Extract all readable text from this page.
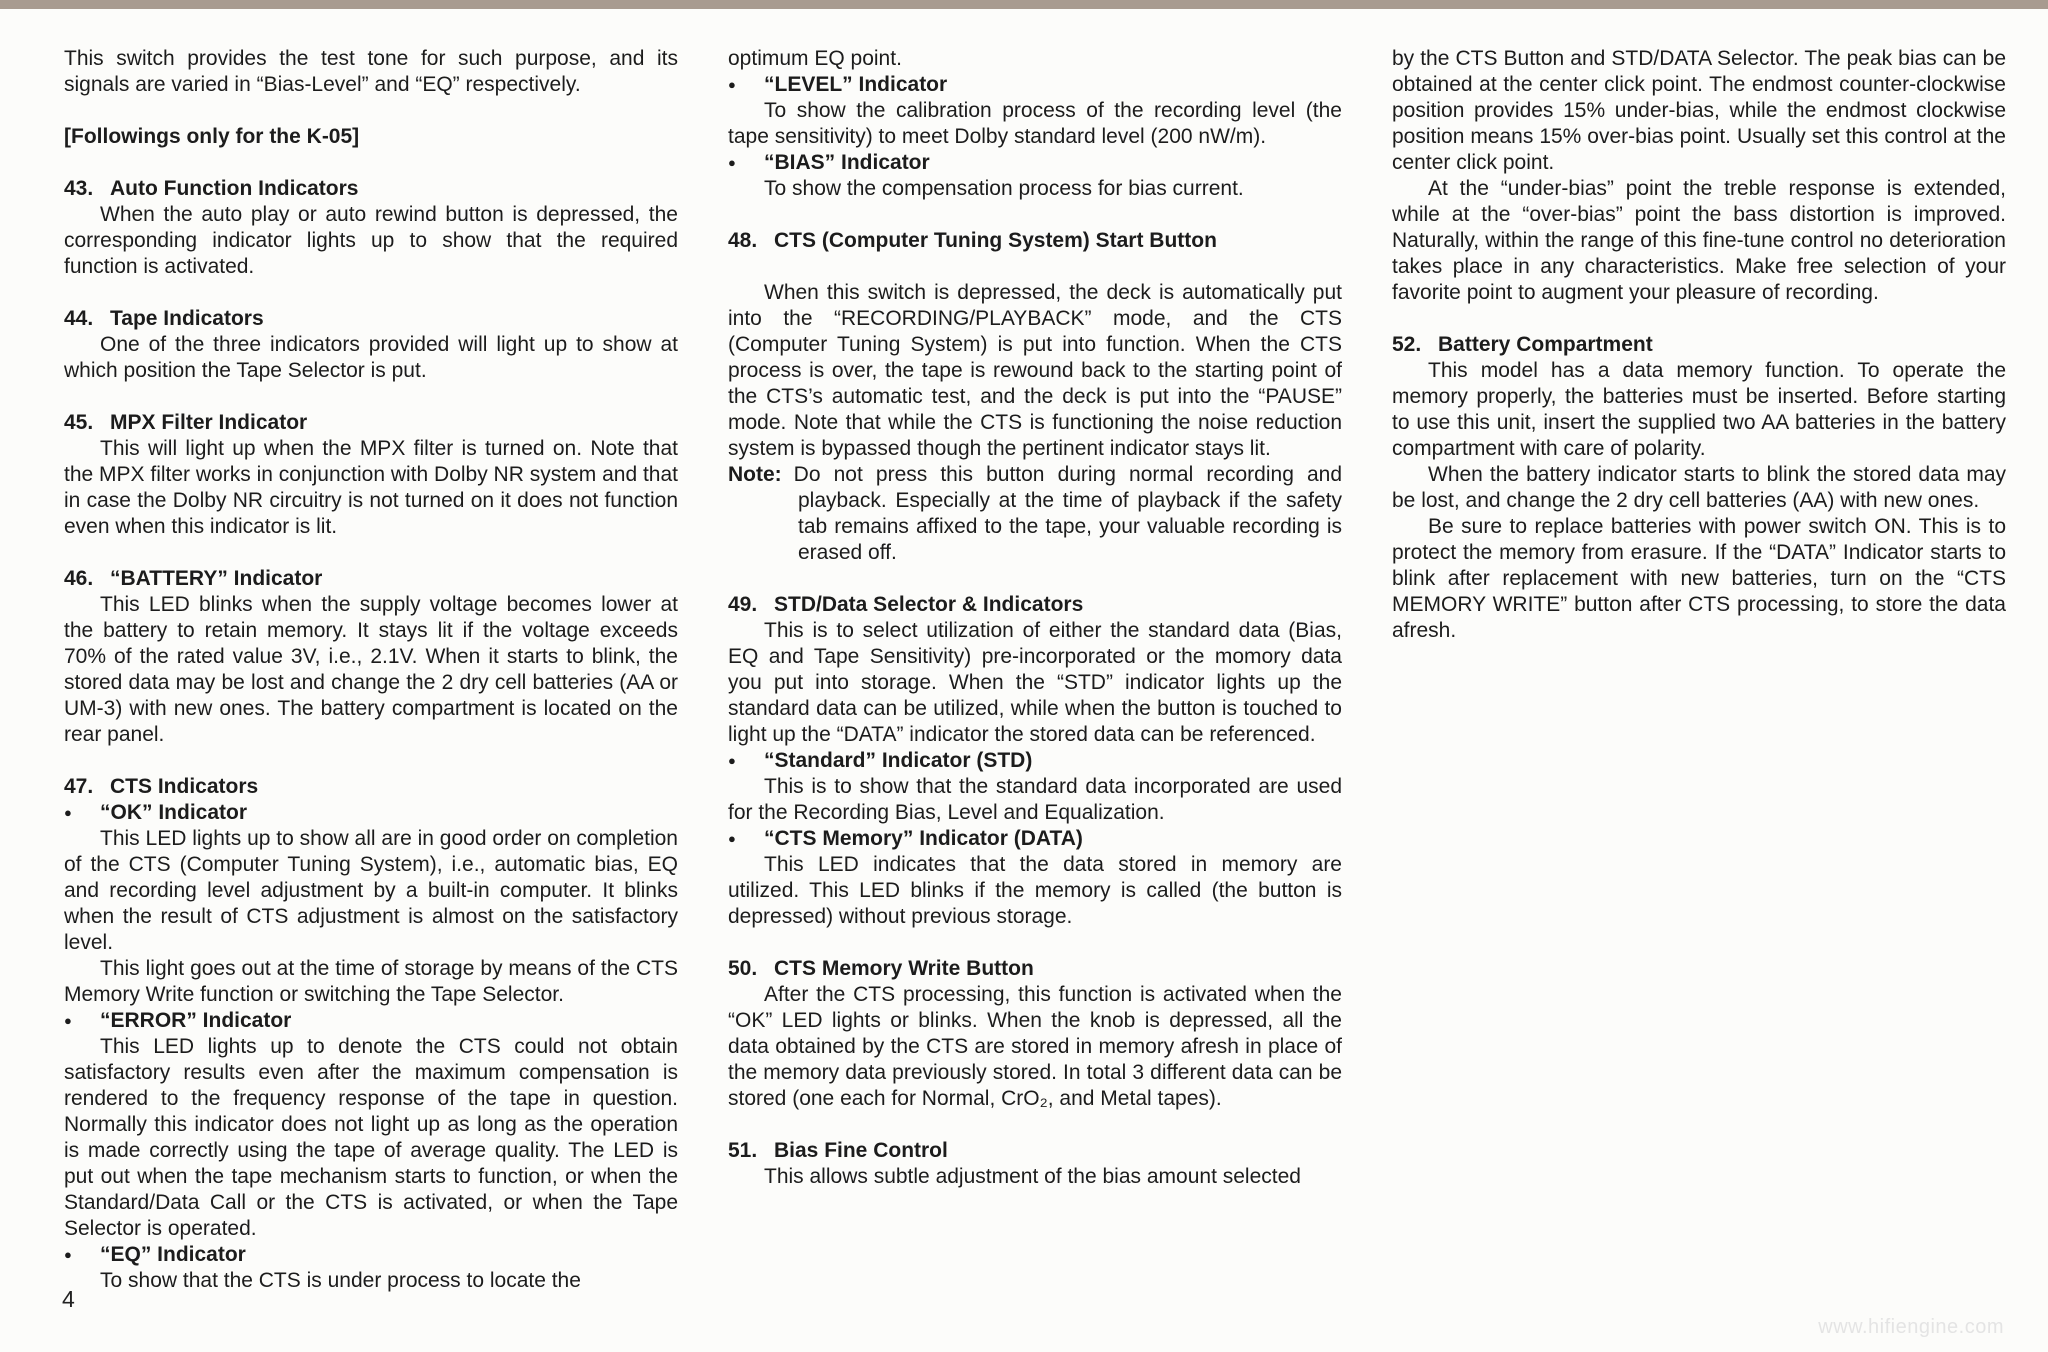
This switch provides the test tone for such purpose, and its signals are varied in “Bias-Level” and “EQ” respectively.

[Followings only for the K-05]

43. Auto Function Indicators

When the auto play or auto rewind button is depressed, the corresponding indicator lights up to show that the required function is activated.

44. Tape Indicators

One of the three indicators provided will light up to show at which position the Tape Selector is put.

45. MPX Filter Indicator

This will light up when the MPX filter is turned on. Note that the MPX filter works in conjunction with Dolby NR system and that in case the Dolby NR circuitry is not turned on it does not function even when this indicator is lit.

46. “BATTERY” Indicator

This LED blinks when the supply voltage becomes lower at the battery to retain memory. It stays lit if the voltage exceeds 70% of the rated value 3V, i.e., 2.1V. When it starts to blink, the stored data may be lost and change the 2 dry cell batteries (AA or UM-3) with new ones. The battery compartment is located on the rear panel.

47. CTS Indicators

●	“OK” Indicator

This LED lights up to show all are in good order on completion of the CTS (Computer Tuning System), i.e., automatic bias, EQ and recording level adjustment by a built-in computer. It blinks when the result of CTS adjustment is almost on the satisfactory level.

This light goes out at the time of storage by means of the CTS Memory Write function or switching the Tape Selector.

●	“ERROR” Indicator

This LED lights up to denote the CTS could not obtain satisfactory results even after the maximum compensation is rendered to the frequency response of the tape in question. Normally this indicator does not light up as long as the operation is made correctly using the tape of average quality. The LED is put out when the tape mechanism starts to function, or when the Standard/Data Call or the CTS is activated, or when the Tape Selector is operated.

●	“EQ” Indicator

To show that the CTS is under process to locate the

optimum EQ point.

●	“LEVEL” Indicator

To show the calibration process of the recording level (the tape sensitivity) to meet Dolby standard level (200 nW/m).

●	“BIAS” Indicator

To show the compensation process for bias current.

48. CTS (Computer Tuning System) Start Button

When this switch is depressed, the deck is automatically put into the “RECORDING/PLAYBACK” mode, and the CTS (Computer Tuning System) is put into function. When the CTS process is over, the tape is rewound back to the starting point of the CTS’s automatic test, and the deck is put into the “PAUSE” mode. Note that while the CTS is functioning the noise reduction system is bypassed though the pertinent indicator stays lit.

Note: Do not press this button during normal recording and playback. Especially at the time of playback if the safety tab remains affixed to the tape, your valuable recording is erased off.

49. STD/Data Selector & Indicators

This is to select utilization of either the standard data (Bias, EQ and Tape Sensitivity) pre-incorporated or the momory data you put into storage. When the “STD” indicator lights up the standard data can be utilized, while when the button is touched to light up the “DATA” indicator the stored data can be referenced.

●	“Standard” Indicator (STD)

This is to show that the standard data incorporated are used for the Recording Bias, Level and Equalization.

●	“CTS Memory” Indicator (DATA)

This LED indicates that the data stored in memory are utilized. This LED blinks if the memory is called (the button is depressed) without previous storage.

50. CTS Memory Write Button

After the CTS processing, this function is activated when the “OK” LED lights or blinks. When the knob is depressed, all the data obtained by the CTS are stored in memory afresh in place of the memory data previously stored. In total 3 different data can be stored (one each for Normal, CrO₂, and Metal tapes).

51. Bias Fine Control

This allows subtle adjustment of the bias amount selected

by the CTS Button and STD/DATA Selector. The peak bias can be obtained at the center click point. The endmost counter-clockwise position provides 15% under-bias, while the endmost clockwise position means 15% over-bias point. Usually set this control at the center click point.

At the “under-bias” point the treble response is extended, while at the “over-bias” point the bass distortion is improved. Naturally, within the range of this fine-tune control no deterioration takes place in any characteristics. Make free selection of your favorite point to augment your pleasure of recording.

52. Battery Compartment

This model has a data memory function. To operate the memory properly, the batteries must be inserted. Before starting to use this unit, insert the supplied two AA batteries in the battery compartment with care of polarity.

When the battery indicator starts to blink the stored data may be lost, and change the 2 dry cell batteries (AA) with new ones.

Be sure to replace batteries with power switch ON. This is to protect the memory from erasure. If the “DATA” Indicator starts to blink after replacement with new batteries, turn on the “CTS MEMORY WRITE” button after CTS processing, to store the data afresh.

4
www.hifiengine.com
